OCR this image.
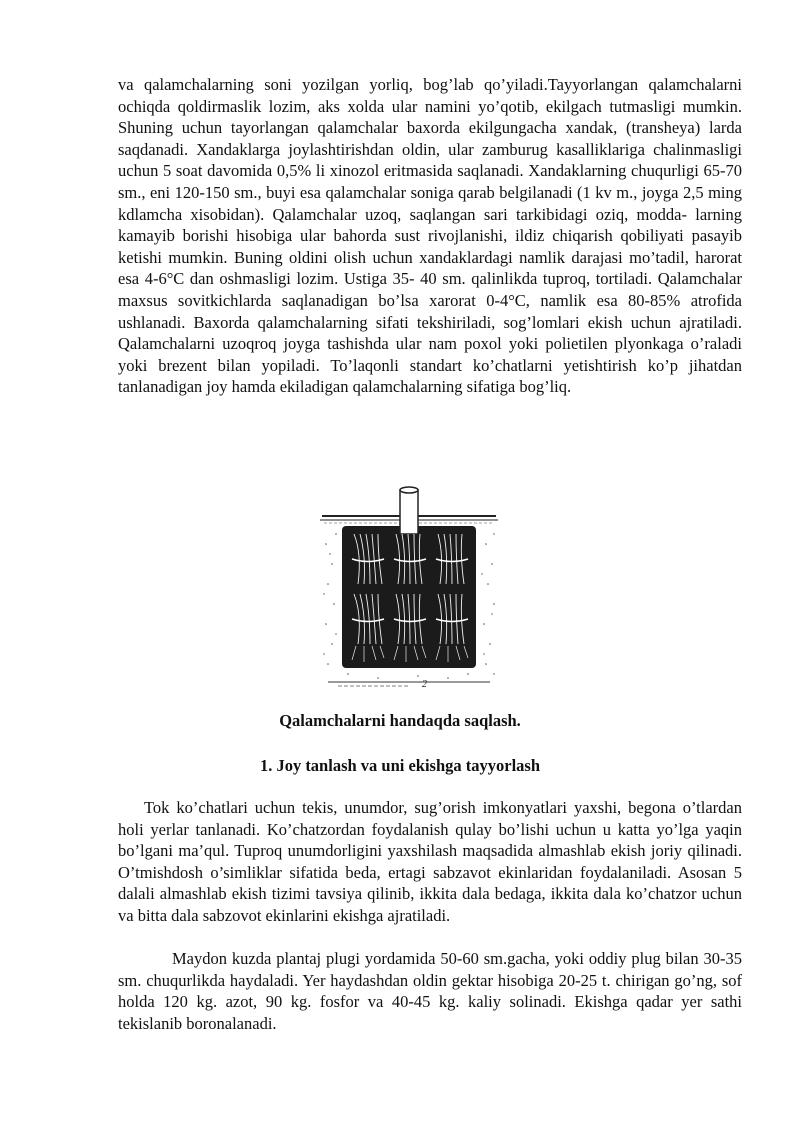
va qalamchalarning soni yozilgan yorliq, bog’lab qo’yiladi.Tayyorlangan qalamchalarni ochiqda qoldirmaslik lozim, aks xolda ular namini yo’qotib, ekilgach tutmasligi mumkin. Shuning uchun tayorlangan qalamchalar baxorda ekilgungacha xandak, (transheya) larda saqdanadi. Xandaklarga joylashtirishdan oldin, ular zamburug kasalliklariga chalinmasligi uchun 5 soat davomida 0,5% li xinozol eritmasida saqlanadi. Xandaklarning chuqurligi 65-70 sm., eni 120-150 sm., buyi esa qalamchalar soniga qarab belgilanadi (1 kv m., joyga 2,5 ming kdlamcha xisobidan). Qalamchalar uzoq, saqlangan sari tarkibidagi oziq, modda- larning kamayib borishi hisobiga ular bahorda sust rivojlanishi, ildiz chiqarish qobiliyati pasayib ketishi mumkin. Buning oldini olish uchun xandaklardagi namlik darajasi mo’tadil, harorat esa 4-6°C dan oshmasligi lozim. Ustiga 35- 40 sm. qalinlikda tuproq, tortiladi. Qalamchalar maxsus sovitkichlarda saqlanadigan bo’lsa xarorat 0-4°C, namlik esa 80-85% atrofida ushlanadi. Baxorda qalamchalarning sifati tekshiriladi, sog’lomlari ekish uchun ajratiladi. Qalamchalarni uzoqroq joyga tashishda ular nam poxol yoki polietilen plyonkaga o’raladi yoki brezent bilan yopiladi. To’laqonli standart ko’chatlarni yetishtirish ko’p jihatdan tanlanadigan joy hamda ekiladigan qalamchalarning sifatiga bog’liq.

2

Qalamchalarni handaqda saqlash.

1. Joy tanlash va uni ekishga tayyorlash

Tok ko’chatlari uchun tekis, unumdor, sug’orish imkonyatlari yaxshi, begona o’tlardan holi yerlar tanlanadi. Ko’chatzordan foydalanish qulay bo’lishi uchun u katta yo’lga yaqin bo’lgani ma’qul. Tuproq unumdorligini yaxshilash maqsadida almashlab ekish joriy qilinadi. O’tmishdosh o’simliklar sifatida beda, ertagi sabzavot ekinlaridan foydalaniladi. Asosan 5 dalali almashlab ekish tizimi tavsiya qilinib, ikkita dala bedaga, ikkita dala ko’chatzor uchun va bitta dala sabzovot ekinlarini ekishga ajratiladi.

Maydon kuzda plantaj plugi yordamida 50-60 sm.gacha, yoki oddiy plug bilan 30-35 sm. chuqurlikda haydaladi. Yer haydashdan oldin gektar hisobiga 20-25 t. chirigan go’ng, sof holda 120 kg. azot, 90 kg. fosfor va 40-45 kg. kaliy solinadi. Ekishga qadar yer sathi tekislanib boronalanadi.
